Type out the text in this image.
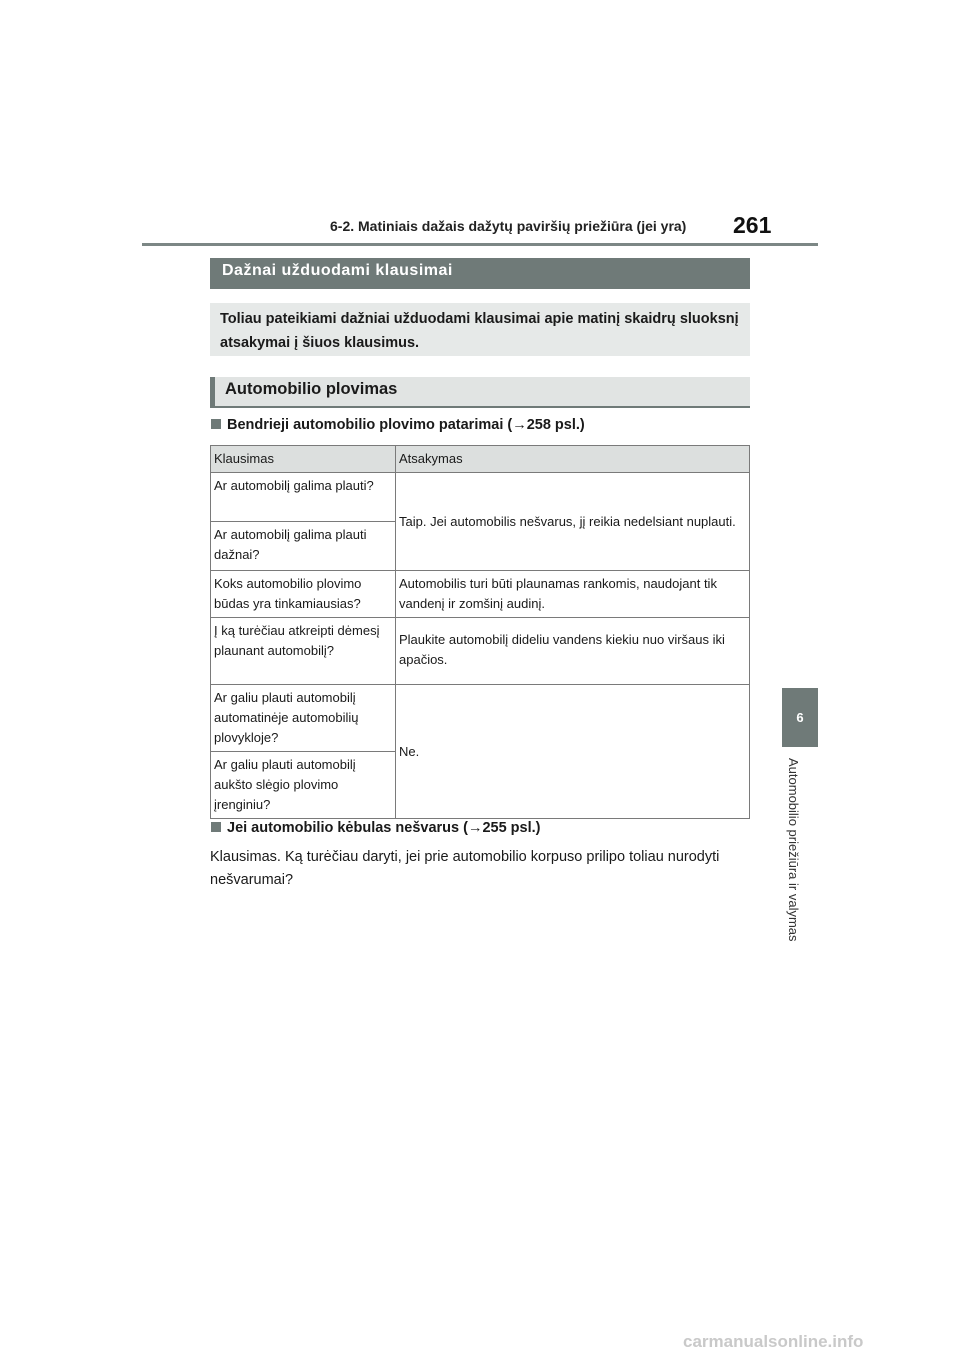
6-2. Matiniais dažais dažytų paviršių priežiūra (jei yra) 261
6
Automobilio priežiūra ir valymas
Dažnai užduodami klausimai
Toliau pateikiami dažniai užduodami klausimai apie matinį skaidrų sluoksnį atsakymai į šiuos klausimus.
Automobilio plovimas
Bendrieji automobilio plovimo patarimai (→258 psl.)
Klausimas	Atsakymas
Ar automobilį galima plauti?	Taip. Jei automobilis nešvarus, jį reikia nedelsiant nuplauti.
Ar automobilį galima plauti dažnai?	
Koks automobilio plovimo būdas yra tinkamiausias?	Automobilis turi būti plaunamas rankomis, naudojant tik vandenį ir zomšinį audinį.
Į ką turėčiau atkreipti dėmesį plaunant automobilį?	Plaukite automobilį dideliu vandens kiekiu nuo viršaus iki apačios.
Ar galiu plauti automobilį automatinėje automobilių plovykloje?	Ne.
Ar galiu plauti automobilį aukšto slėgio plovimo įrenginiu?	
Jei automobilio kėbulas nešvarus (→255 psl.)
Klausimas. Ką turėčiau daryti, jei prie automobilio korpuso prilipo toliau nurodyti nešvarumai?
carmanualsonline.info
